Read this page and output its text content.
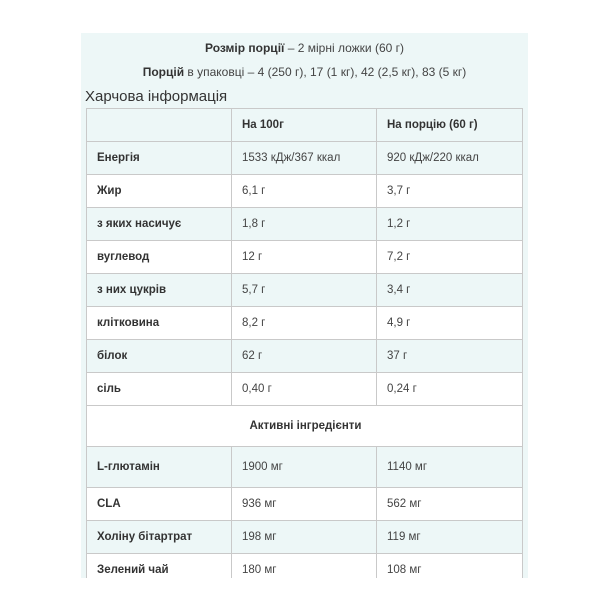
Розмір порції – 2 мірні ложки (60 г)
Порцій в упаковці – 4 (250 г), 17 (1 кг), 42 (2,5 кг), 83 (5 кг)
Харчова інформація
	На 100г	На порцію (60 г)
Енергія	1533 кДж/367 ккал	920 кДж/220 ккал
Жир	6,1 г	3,7 г
з яких насичує	1,8 г	1,2 г
вуглевод	12 г	7,2 г
з них цукрів	5,7 г	3,4 г
клітковина	8,2 г	4,9 г
білок	62 г	37 г
сіль	0,40 г	0,24 г
Активні інгредієнти		
L-глютамін	1900 мг	1140 мг
CLA	936 мг	562 мг
Холіну бітартрат	198 мг	119 мг
Зелений чай	180 мг	108 мг
